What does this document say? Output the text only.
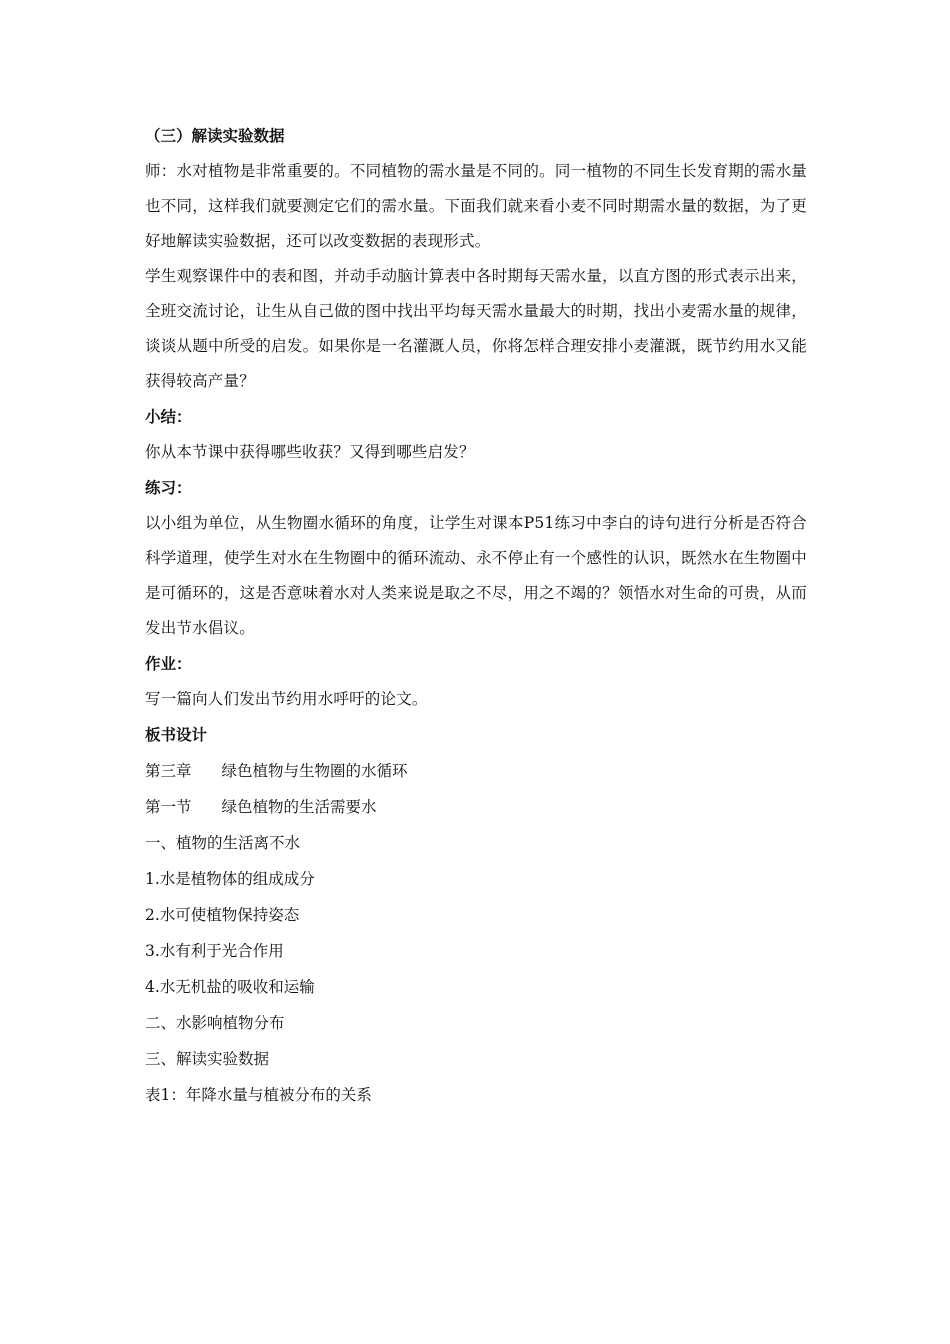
（三）解读实验数据

师：水对植物是非常重要的。不同植物的需水量是不同的。同一植物的不同生长发育期的需水量也不同，这样我们就要测定它们的需水量。下面我们就来看小麦不同时期需水量的数据，为了更好地解读实验数据，还可以改变数据的表现形式。

学生观察课件中的表和图，并动手动脑计算表中各时期每天需水量，以直方图的形式表示出来，全班交流讨论，让生从自己做的图中找出平均每天需水量最大的时期，找出小麦需水量的规律，谈谈从题中所受的启发。如果你是一名灌溉人员，你将怎样合理安排小麦灌溉，既节约用水又能获得较高产量？

小结：

你从本节课中获得哪些收获？又得到哪些启发？

练习：

以小组为单位，从生物圈水循环的角度，让学生对课本P51练习中李白的诗句进行分析是否符合科学道理，使学生对水在生物圈中的循环流动、永不停止有一个感性的认识，既然水在生物圈中是可循环的，这是否意味着水对人类来说是取之不尽，用之不竭的？领悟水对生命的可贵，从而发出节水倡议。

作业：

写一篇向人们发出节约用水呼吁的论文。

板书设计

第三章 绿色植物与生物圈的水循环

第一节 绿色植物的生活需要水

一、植物的生活离不水

1.水是植物体的组成成分

2.水可使植物保持姿态

3.水有利于光合作用

4.水无机盐的吸收和运输

二、水影响植物分布

三、解读实验数据

表1：年降水量与植被分布的关系
